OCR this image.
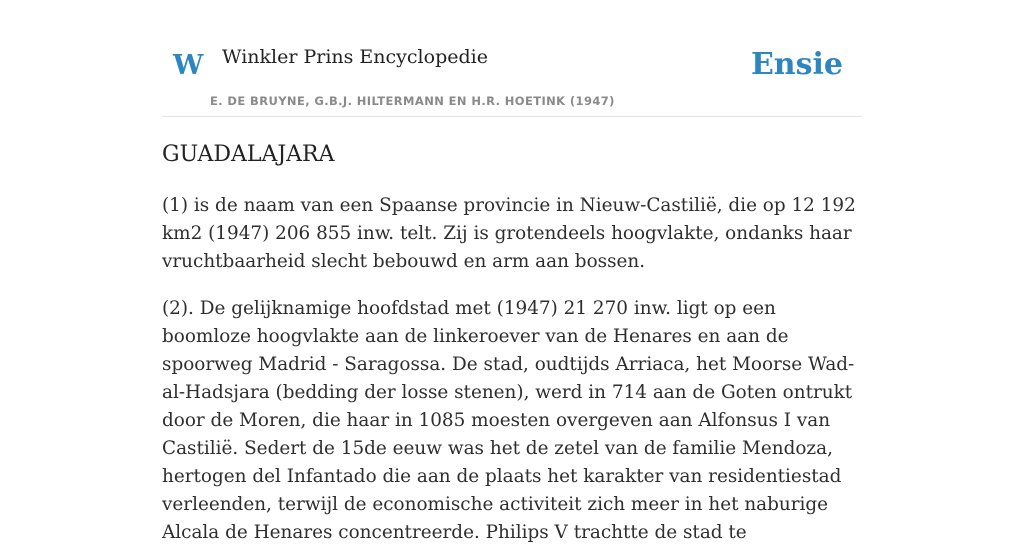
W Winkler Prins Encyclopedie
E. DE BRUYNE, G.B.J. HILTERMANN EN H.R. HOETINK (1947)
Ensie
GUADALAJARA

(1) is de naam van een Spaanse provincie in Nieuw-Castilië, die op 12 192 km2 (1947) 206 855 inw. telt. Zij is grotendeels hoogvlakte, ondanks haar vruchtbaarheid slecht bebouwd en arm aan bossen.

(2). De gelijknamige hoofdstad met (1947) 21 270 inw. ligt op een boomloze hoogvlakte aan de linkeroever van de Henares en aan de spoorweg Madrid - Saragossa. De stad, oudtijds Arriaca, het Moorse Wad-al-Hadsjara (bedding der losse stenen), werd in 714 aan de Goten ontrukt door de Moren, die haar in 1085 moesten overgeven aan Alfonsus I van Castilië. Sedert de 15de eeuw was het de zetel van de familie Mendoza, hertogen del Infantado die aan de plaats het karakter van residentiestad verleenden, terwijl de economische activiteit zich meer in het naburige Alcala de Henares concentreerde. Philips V trachtte de stad te
